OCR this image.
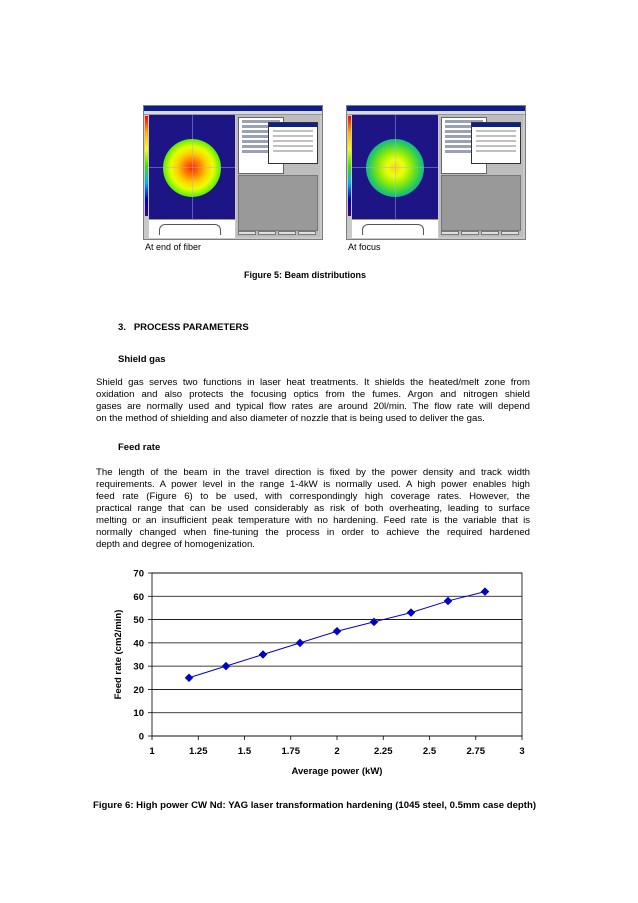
At end of fiber	At focus
Figure 5: Beam distributions
3.   PROCESS PARAMETERS
Shield gas
Shield gas serves two functions in laser heat treatments. It shields the heated/melt zone from
oxidation and also protects the focusing optics from the fumes. Argon and nitrogen shield
gases are normally used and typical flow rates are around 20l/min. The flow rate will depend
on the method of shielding and also diameter of nozzle that is being used to deliver the gas.
Feed rate
The length of the beam in the travel direction is fixed by the power density and track width
requirements. A power level in the range 1-4kW is normally used. A high power enables high
feed rate (Figure 6) to be used, with correspondingly high coverage rates. However, the
practical range that can be used considerably as risk of both overheating, leading to surface
melting or an insufficient peak temperature with no hardening. Feed rate is the variable that is
normally changed when fine-tuning the process in order to achieve the required hardened
depth and degree of homogenization.
0
10
20
30
40
50
60
70
1	1.25	1.5	1.75	2	2.25	2.5	2.75	3
Average power (kW)
Feed rate (cm2/min)
Figure 6: High power CW Nd: YAG laser transformation hardening (1045 steel, 0.5mm case depth)
